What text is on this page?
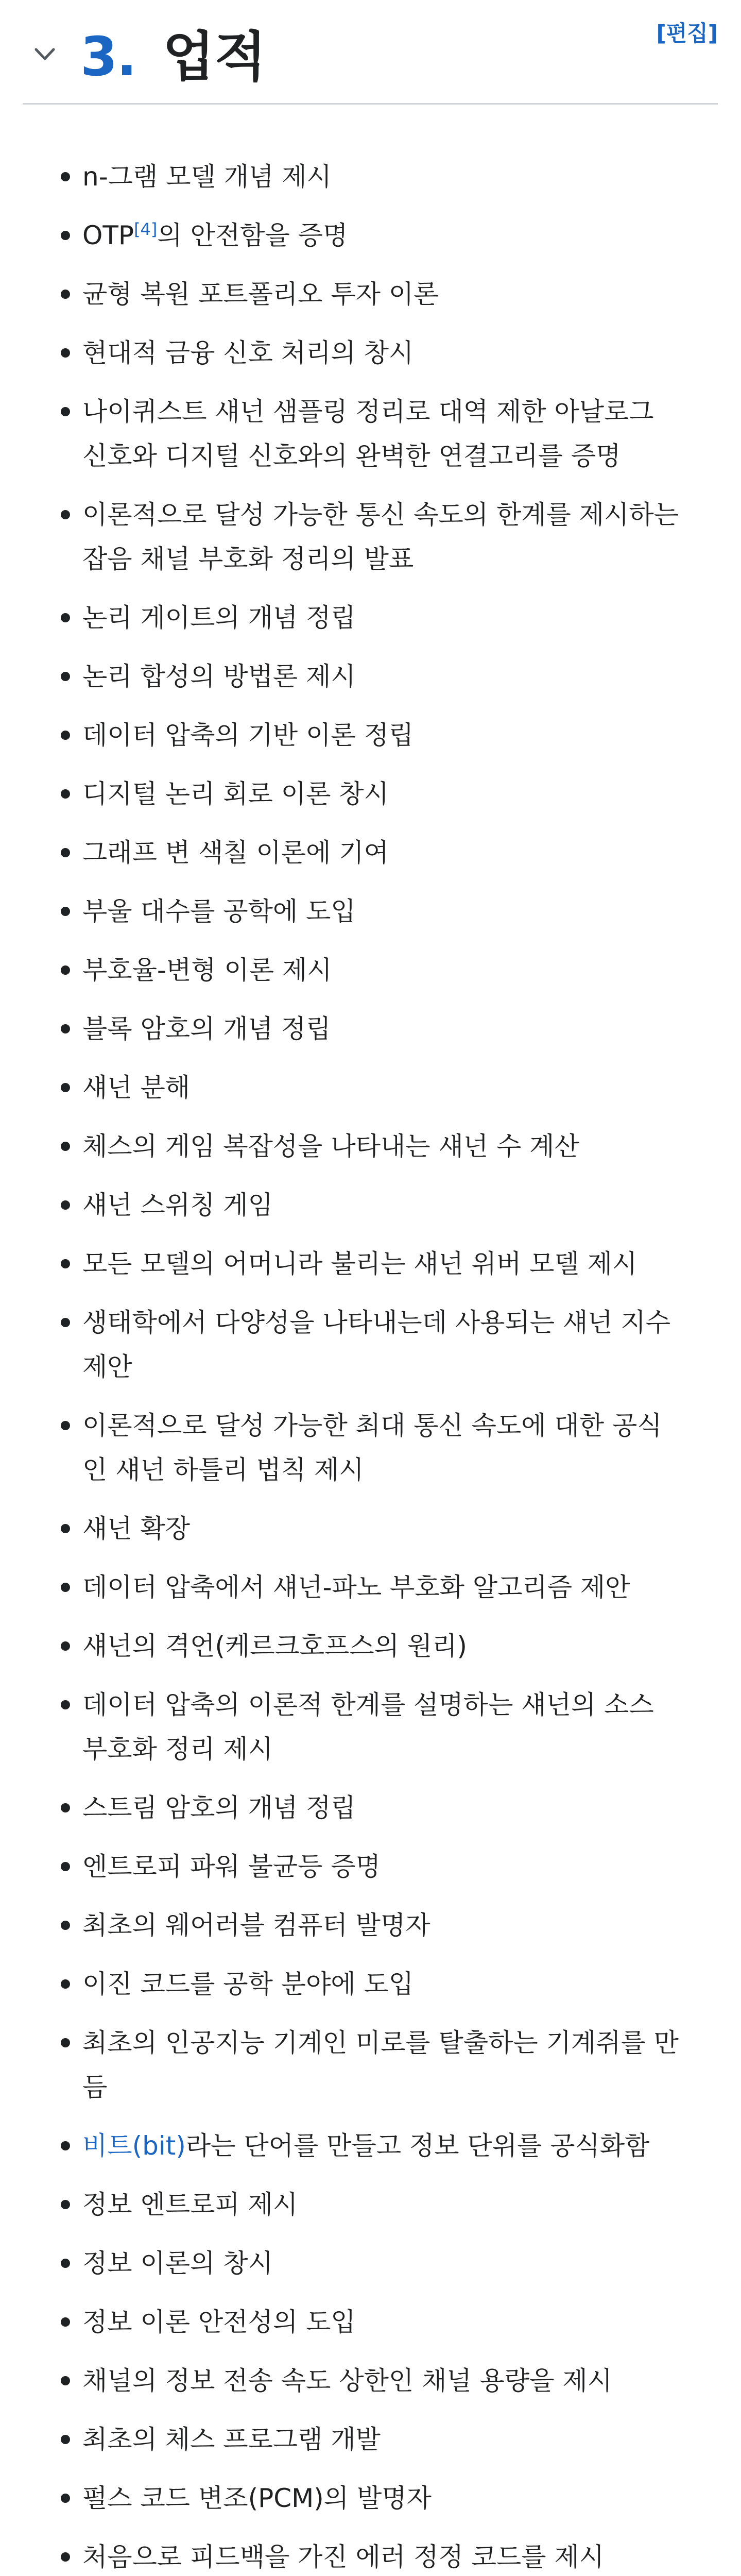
3. 업적	[편집]
n-그램 모델 개념 제시
OTP[4]의 안전함을 증명
균형 복원 포트폴리오 투자 이론
현대적 금융 신호 처리의 창시
나이퀴스트 섀넌 샘플링 정리로 대역 제한 아날로그
신호와 디지털 신호와의 완벽한 연결고리를 증명
이론적으로 달성 가능한 통신 속도의 한계를 제시하는
잡음 채널 부호화 정리의 발표
논리 게이트의 개념 정립
논리 합성의 방법론 제시
데이터 압축의 기반 이론 정립
디지털 논리 회로 이론 창시
그래프 변 색칠 이론에 기여
부울 대수를 공학에 도입
부호율-변형 이론 제시
블록 암호의 개념 정립
섀넌 분해
체스의 게임 복잡성을 나타내는 섀넌 수 계산
섀넌 스위칭 게임
모든 모델의 어머니라 불리는 섀넌 위버 모델 제시
생태학에서 다양성을 나타내는데 사용되는 섀넌 지수
제안
이론적으로 달성 가능한 최대 통신 속도에 대한 공식
인 섀넌 하틀리 법칙 제시
섀넌 확장
데이터 압축에서 섀넌-파노 부호화 알고리즘 제안
섀넌의 격언(케르크호프스의 원리)
데이터 압축의 이론적 한계를 설명하는 섀넌의 소스
부호화 정리 제시
스트림 암호의 개념 정립
엔트로피 파워 불균등 증명
최초의 웨어러블 컴퓨터 발명자
이진 코드를 공학 분야에 도입
최초의 인공지능 기계인 미로를 탈출하는 기계쥐를 만
듬
비트(bit)라는 단어를 만들고 정보 단위를 공식화함
정보 엔트로피 제시
정보 이론의 창시
정보 이론 안전성의 도입
채널의 정보 전송 속도 상한인 채널 용량을 제시
최초의 체스 프로그램 개발
펄스 코드 변조(PCM)의 발명자
처음으로 피드백을 가진 에러 정정 코드를 제시
